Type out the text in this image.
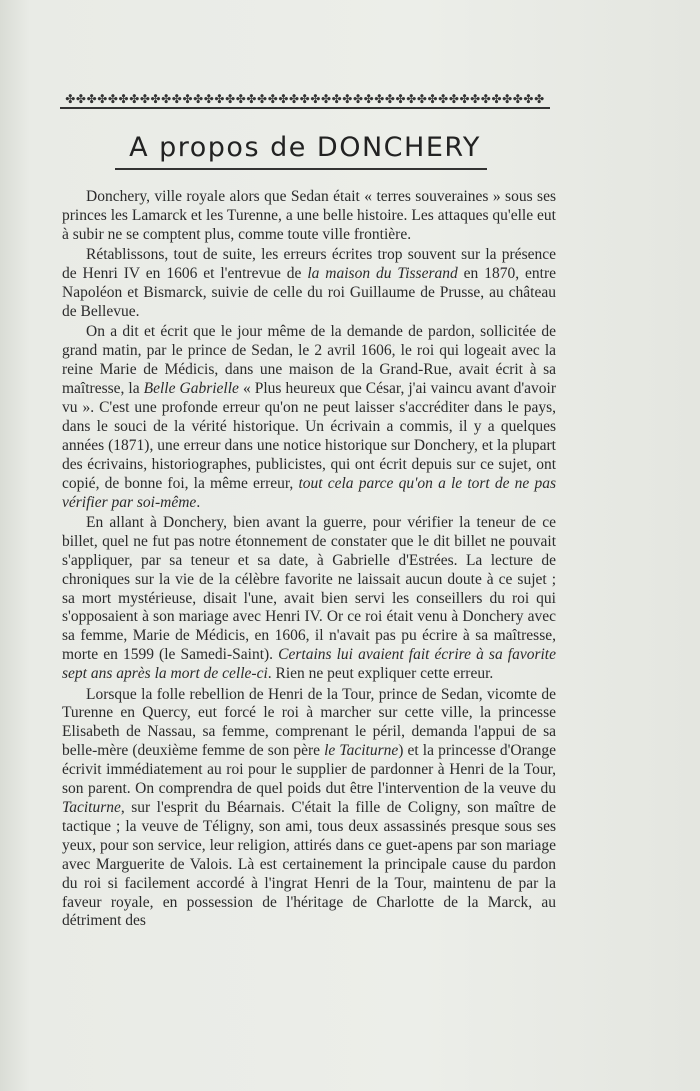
✤✤✤✤✤✤✤✤✤✤✤✤✤✤✤✤✤✤✤✤✤✤✤✤✤✤✤✤✤✤✤✤✤✤✤✤✤✤✤✤✤✤✤✤✤
A propos de DONCHERY

Donchery, ville royale alors que Sedan était « terres souveraines » sous ses princes les Lamarck et les Turenne, a une belle histoire. Les attaques qu'elle eut à subir ne se comptent plus, comme toute ville frontière.

Rétablissons, tout de suite, les erreurs écrites trop souvent sur la présence de Henri IV en 1606 et l'entrevue de la maison du Tisserand en 1870, entre Napoléon et Bismarck, suivie de celle du roi Guillaume de Prusse, au château de Bellevue.

On a dit et écrit que le jour même de la demande de pardon, sollicitée de grand matin, par le prince de Sedan, le 2 avril 1606, le roi qui logeait avec la reine Marie de Médicis, dans une maison de la Grand-Rue, avait écrit à sa maîtresse, la Belle Gabrielle « Plus heureux que César, j'ai vaincu avant d'avoir vu ». C'est une profonde erreur qu'on ne peut laisser s'accréditer dans le pays, dans le souci de la vérité historique. Un écrivain a commis, il y a quelques années (1871), une erreur dans une notice historique sur Donchery, et la plupart des écrivains, historiographes, publicistes, qui ont écrit depuis sur ce sujet, ont copié, de bonne foi, la même erreur, tout cela parce qu'on a le tort de ne pas vérifier par soi-même.

En allant à Donchery, bien avant la guerre, pour vérifier la teneur de ce billet, quel ne fut pas notre étonnement de constater que le dit billet ne pouvait s'appliquer, par sa teneur et sa date, à Gabrielle d'Estrées. La lecture de chroniques sur la vie de la célèbre favorite ne laissait aucun doute à ce sujet ; sa mort mystérieuse, disait l'une, avait bien servi les conseillers du roi qui s'opposaient à son mariage avec Henri IV. Or ce roi était venu à Donchery avec sa femme, Marie de Médicis, en 1606, il n'avait pas pu écrire à sa maîtresse, morte en 1599 (le Samedi-Saint). Certains lui avaient fait écrire à sa favorite sept ans après la mort de celle-ci. Rien ne peut expliquer cette erreur.

Lorsque la folle rebellion de Henri de la Tour, prince de Sedan, vicomte de Turenne en Quercy, eut forcé le roi à marcher sur cette ville, la princesse Elisabeth de Nassau, sa femme, comprenant le péril, demanda l'appui de sa belle-mère (deuxième femme de son père le Taciturne) et la princesse d'Orange écrivit immédiatement au roi pour le supplier de pardonner à Henri de la Tour, son parent. On comprendra de quel poids dut être l'intervention de la veuve du Taciturne, sur l'esprit du Béarnais. C'était la fille de Coligny, son maître de tactique ; la veuve de Téligny, son ami, tous deux assassinés presque sous ses yeux, pour son service, leur religion, attirés dans ce guet-apens par son mariage avec Marguerite de Valois. Là est certainement la principale cause du pardon du roi si facilement accordé à l'ingrat Henri de la Tour, maintenu de par la faveur royale, en possession de l'héritage de Charlotte de la Marck, au détriment des
